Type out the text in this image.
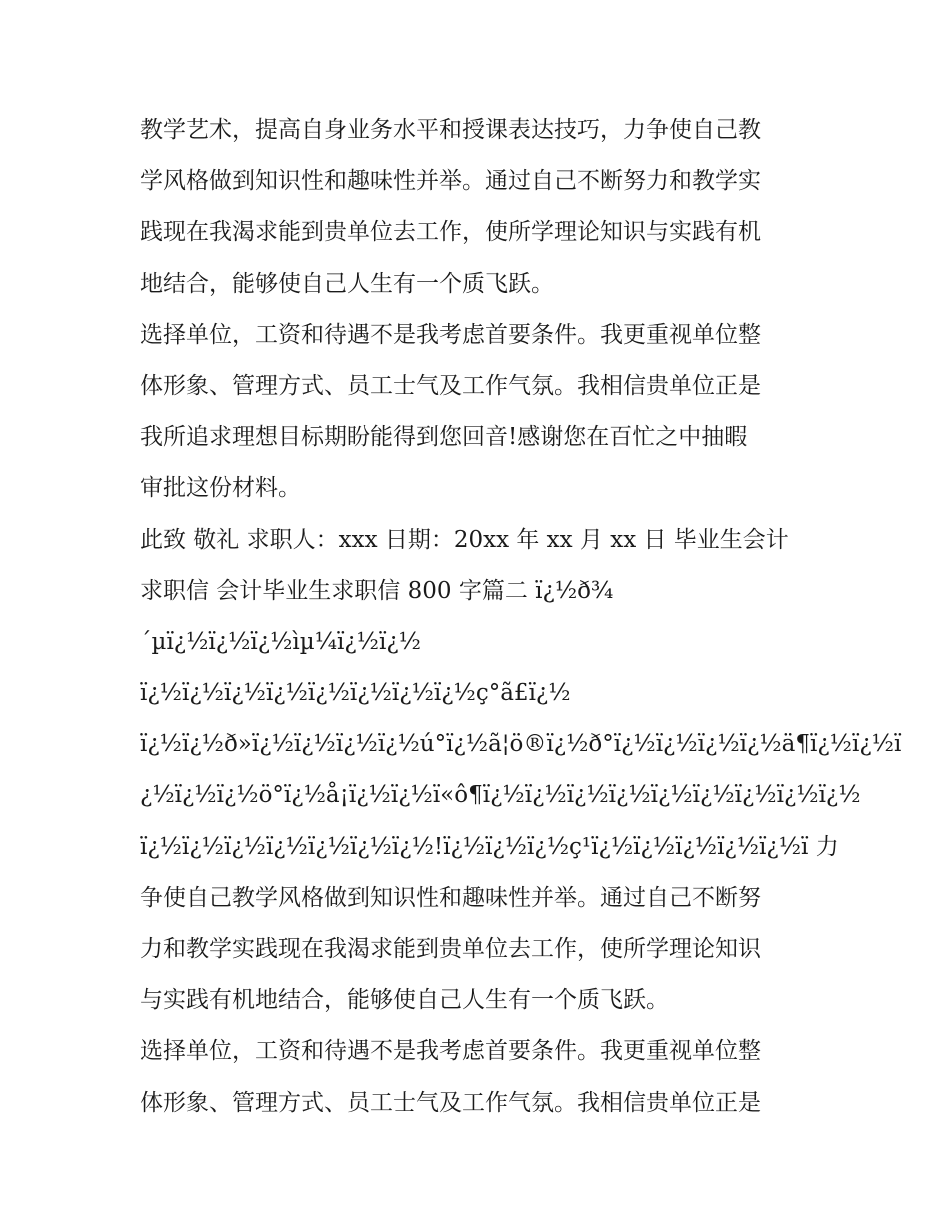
教学艺术，提高自身业务水平和授课表达技巧，力争使自己教
学风格做到知识性和趣味性并举。通过自己不断努力和教学实
践现在我渴求能到贵单位去工作，使所学理论知识与实践有机
地结合，能够使自己人生有一个质飞跃。
选择单位，工资和待遇不是我考虑首要条件。我更重视单位整
体形象、管理方式、员工士气及工作气氛。我相信贵单位正是
我所追求理想目标期盼能得到您回音!感谢您在百忙之中抽暇
审批这份材料。
此致 敬礼 求职人：xxx 日期：20xx 年 xx 月 xx 日 毕业生会计
求职信 会计毕业生求职信 800 字篇二 ï¿½ð¾
´µï¿½ï¿½ï¿½ìµ¼ï¿½ï¿½
ï¿½ï¿½ï¿½ï¿½ï¿½ï¿½ï¿½ï¿½ç°ã£ï¿½
ï¿½ï¿½ð»ï¿½ï¿½ï¿½ï¿½ú°ï¿½ã¦ö®ï¿½ð°ï¿½ï¿½ï¿½ï¿½ä¶ï¿½ï¿½ï
¿½ï¿½ï¿½ö°ï¿½å¡ï¿½ï¿½ï«ô¶ï¿½ï¿½ï¿½ï¿½ï¿½ï¿½ï¿½ï¿½ï¿½
ï¿½ï¿½ï¿½ï¿½ï¿½ï¿½ï¿½!ï¿½ï¿½ï¿½ç¹ï¿½ï¿½ï¿½ï¿½ï¿½ï 力
争使自己教学风格做到知识性和趣味性并举。通过自己不断努
力和教学实践现在我渴求能到贵单位去工作，使所学理论知识
与实践有机地结合，能够使自己人生有一个质飞跃。
选择单位，工资和待遇不是我考虑首要条件。我更重视单位整
体形象、管理方式、员工士气及工作气氛。我相信贵单位正是
